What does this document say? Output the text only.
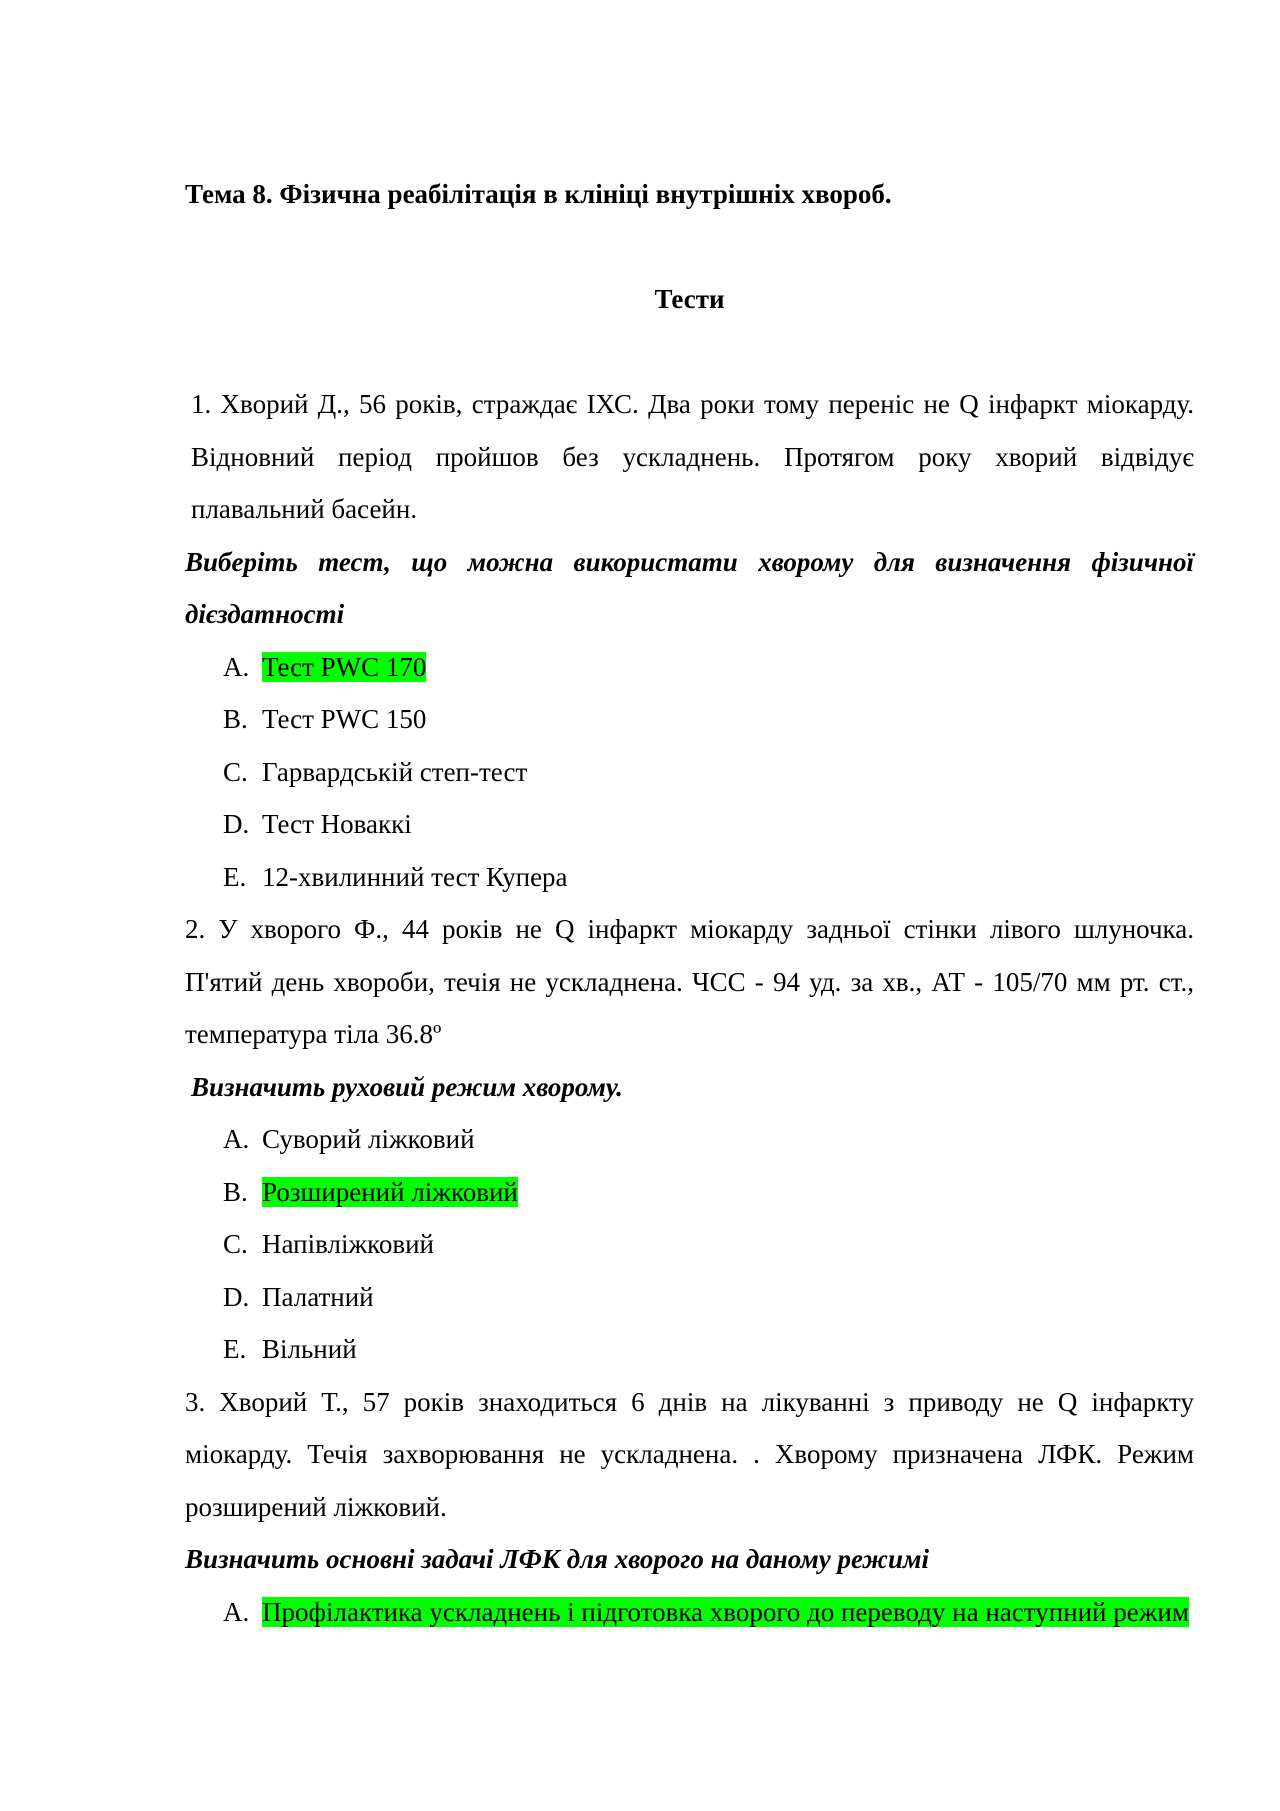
Тема 8. Фізична реабілітація в клініці внутрішніх хвороб.

Тести

1. Хворий Д., 56 років, страждає ІХС. Два роки тому переніс не Q інфаркт міокарду. Відновний період пройшов без ускладнень. Протягом року хворий відвідує плавальний басейн.

Виберіть тест, що можна використати хворому для визначення фізичної дієздатності

A. Тест PWC 170
B. Тест PWC 150
C. Гарвардськiй степ-тест
D. Тест Новаккі
E. 12-хвилинний тест Купера

2. У хворого Ф., 44 років не Q інфаркт міокарду задньої стінки лівого шлуночка. П'ятий день хвороби, течія не ускладнена. ЧСС - 94 уд. за хв., АТ - 105/70 мм рт. ст., температура тіла 36.8º

Визначить руховий режим хворому.

A. Суворий ліжковий
B. Розширений ліжковий
C. Напівліжковий
D. Палатний
E. Вільний

3. Хворий Т., 57 років знаходиться 6 днів на лікуванні з приводу не Q інфаркту міокарду. Течія захворювання не ускладнена. . Хворому призначена ЛФК. Режим розширений ліжковий.

Визначить основні задачі ЛФК для хворого на даному режимі

A. Профілактика ускладнень і підготовка хворого до переводу на наступний режим
